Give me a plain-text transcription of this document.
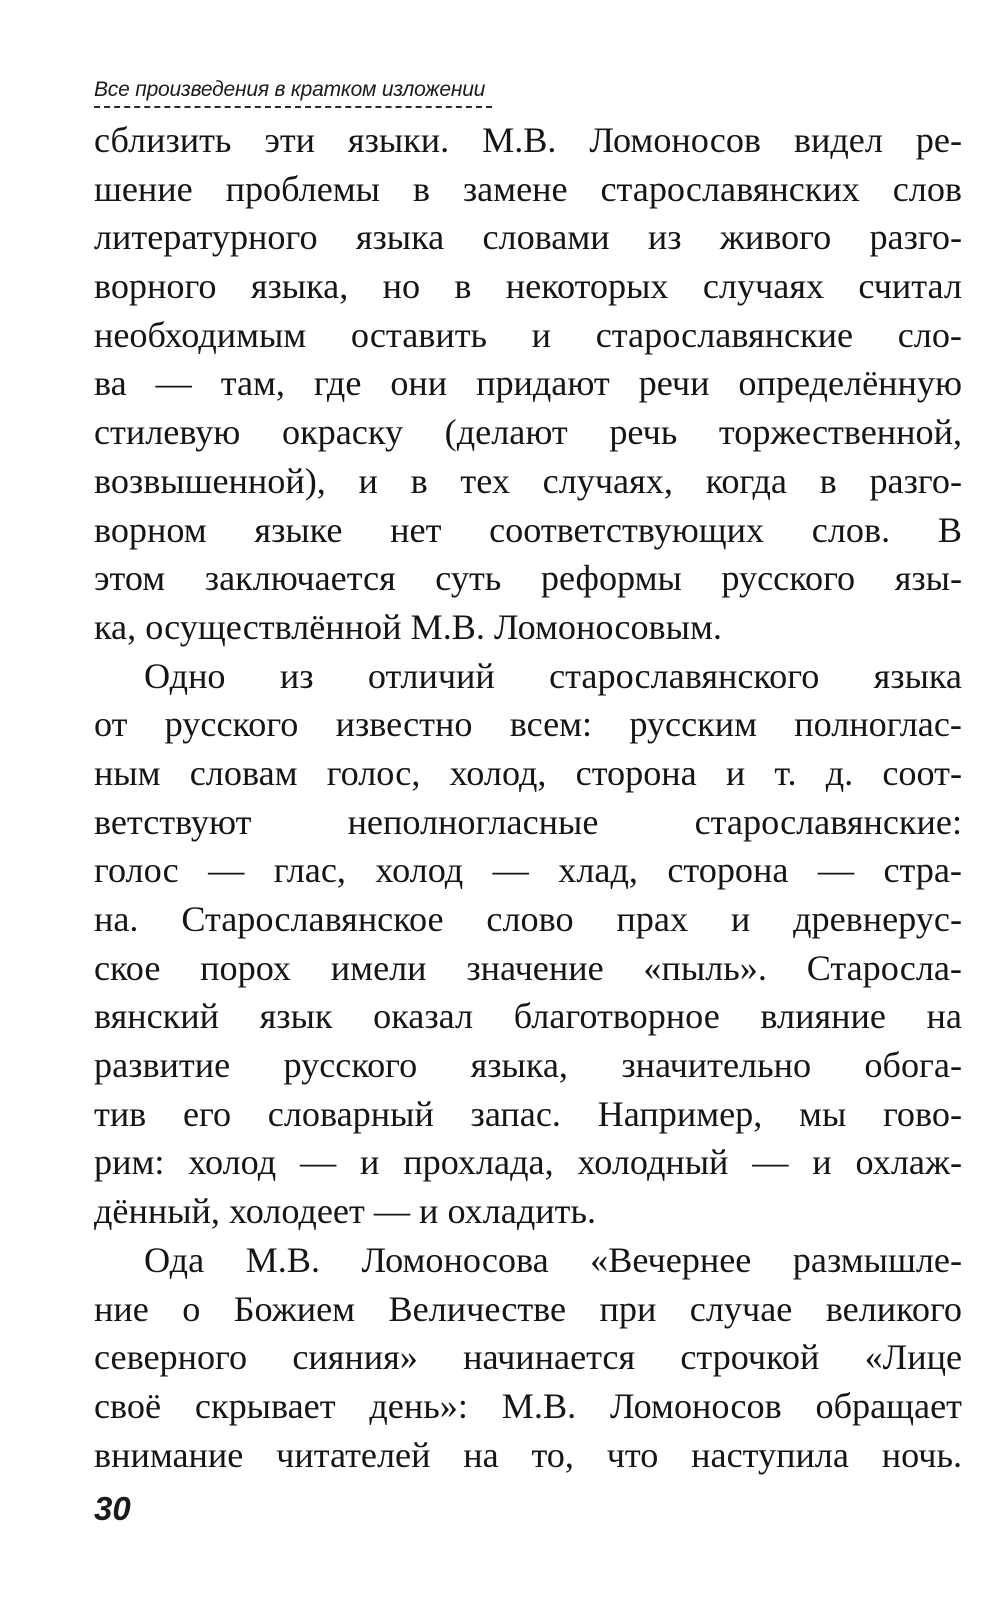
Все произведения в кратком изложении
сблизить эти языки. М.В. Ломоносов видел ре-
шение проблемы в замене старославянских слов
литературного языка словами из живого разго-
ворного языка, но в некоторых случаях считал
необходимым оставить и старославянские сло-
ва — там, где они придают речи определённую
стилевую окраску (делают речь торжественной,
возвышенной), и в тех случаях, когда в разго-
ворном языке нет соответствующих слов. В
этом заключается суть реформы русского язы-
ка, осуществлённой М.В. Ломоносовым.
Одно из отличий старославянского языка
от русского известно всем: русским полноглас-
ным словам голос, холод, сторона и т. д. соот-
ветствуют неполногласные старославянские:
голос — глас, холод — хлад, сторона — стра-
на. Старославянское слово прах и древнерус-
ское порох имели значение «пыль». Старосла-
вянский язык оказал благотворное влияние на
развитие русского языка, значительно обога-
тив его словарный запас. Например, мы гово-
рим: холод — и прохлада, холодный — и охлаж-
дённый, холодеет — и охладить.
Ода М.В. Ломоносова «Вечернее размышле-
ние о Божием Величестве при случае великого
северного сияния» начинается строчкой «Лице
своё скрывает день»: М.В. Ломоносов обращает
внимание читателей на то, что наступила ночь.
30
